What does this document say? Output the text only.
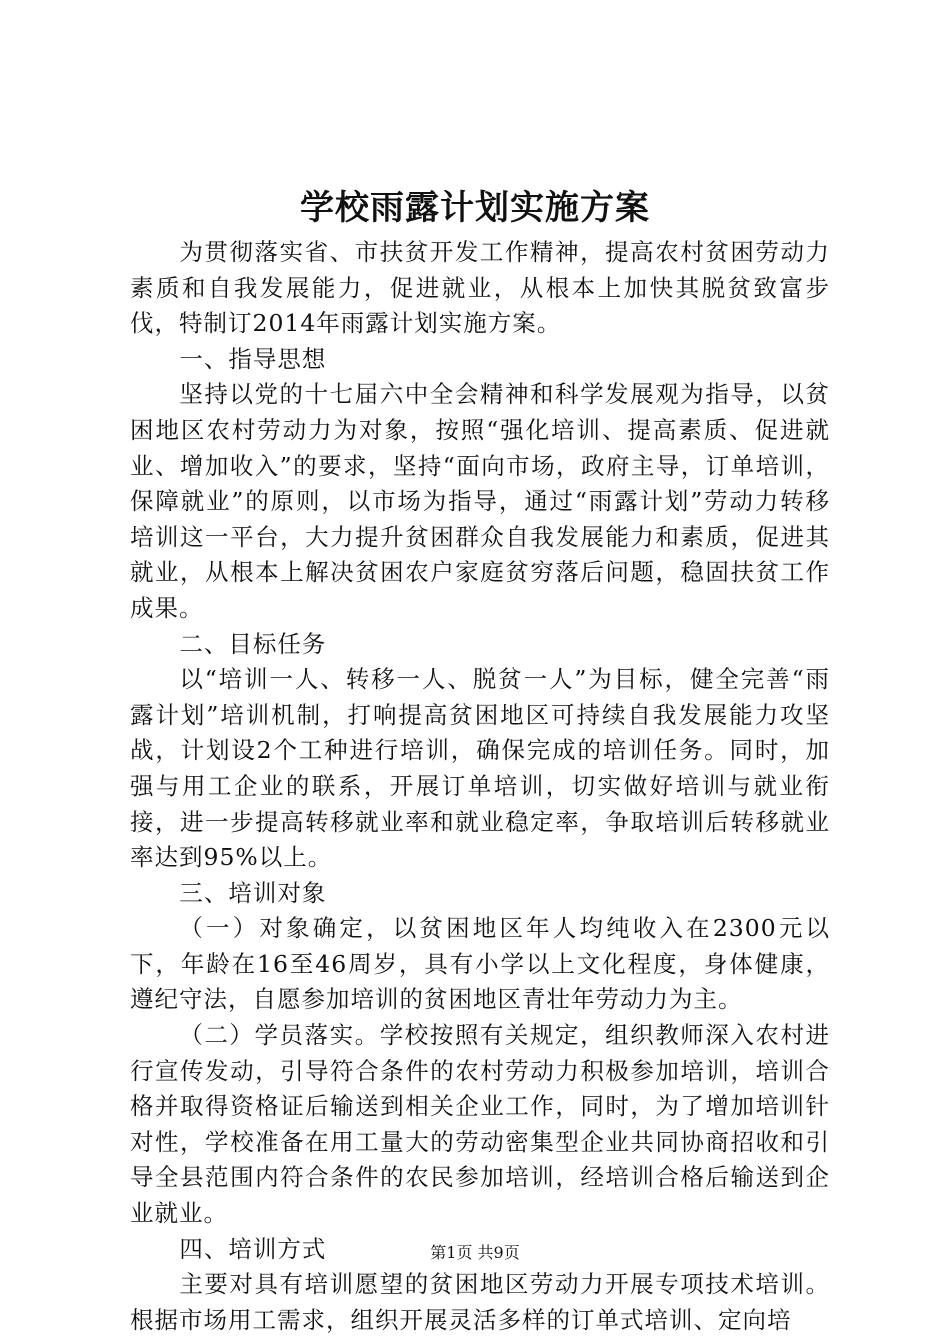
学校雨露计划实施方案

为贯彻落实省、市扶贫开发工作精神，提高农村贫困劳动力素质和自我发展能力，促进就业，从根本上加快其脱贫致富步伐，特制订2014年雨露计划实施方案。

一、指导思想

坚持以党的十七届六中全会精神和科学发展观为指导，以贫困地区农村劳动力为对象，按照“强化培训、提高素质、促进就业、增加收入”的要求，坚持“面向市场，政府主导，订单培训，保障就业”的原则，以市场为指导，通过“雨露计划”劳动力转移培训这一平台，大力提升贫困群众自我发展能力和素质，促进其就业，从根本上解决贫困农户家庭贫穷落后问题，稳固扶贫工作成果。

二、目标任务

以“培训一人、转移一人、脱贫一人”为目标，健全完善“雨露计划”培训机制，打响提高贫困地区可持续自我发展能力攻坚战，计划设2个工种进行培训，确保完成的培训任务。同时，加强与用工企业的联系，开展订单培训，切实做好培训与就业衔接，进一步提高转移就业率和就业稳定率，争取培训后转移就业率达到95%以上。

三、培训对象

（一）对象确定，以贫困地区年人均纯收入在2300元以下，年龄在16至46周岁，具有小学以上文化程度，身体健康，遵纪守法，自愿参加培训的贫困地区青壮年劳动力为主。

（二）学员落实。学校按照有关规定，组织教师深入农村进行宣传发动，引导符合条件的农村劳动力积极参加培训，培训合格并取得资格证后输送到相关企业工作，同时，为了增加培训针对性，学校准备在用工量大的劳动密集型企业共同协商招收和引导全县范围内符合条件的农民参加培训，经培训合格后输送到企业就业。

四、培训方式

主要对具有培训愿望的贫困地区劳动力开展专项技术培训。根据市场用工需求，组织开展灵活多样的订单式培训、定向培

第1页 共9页
